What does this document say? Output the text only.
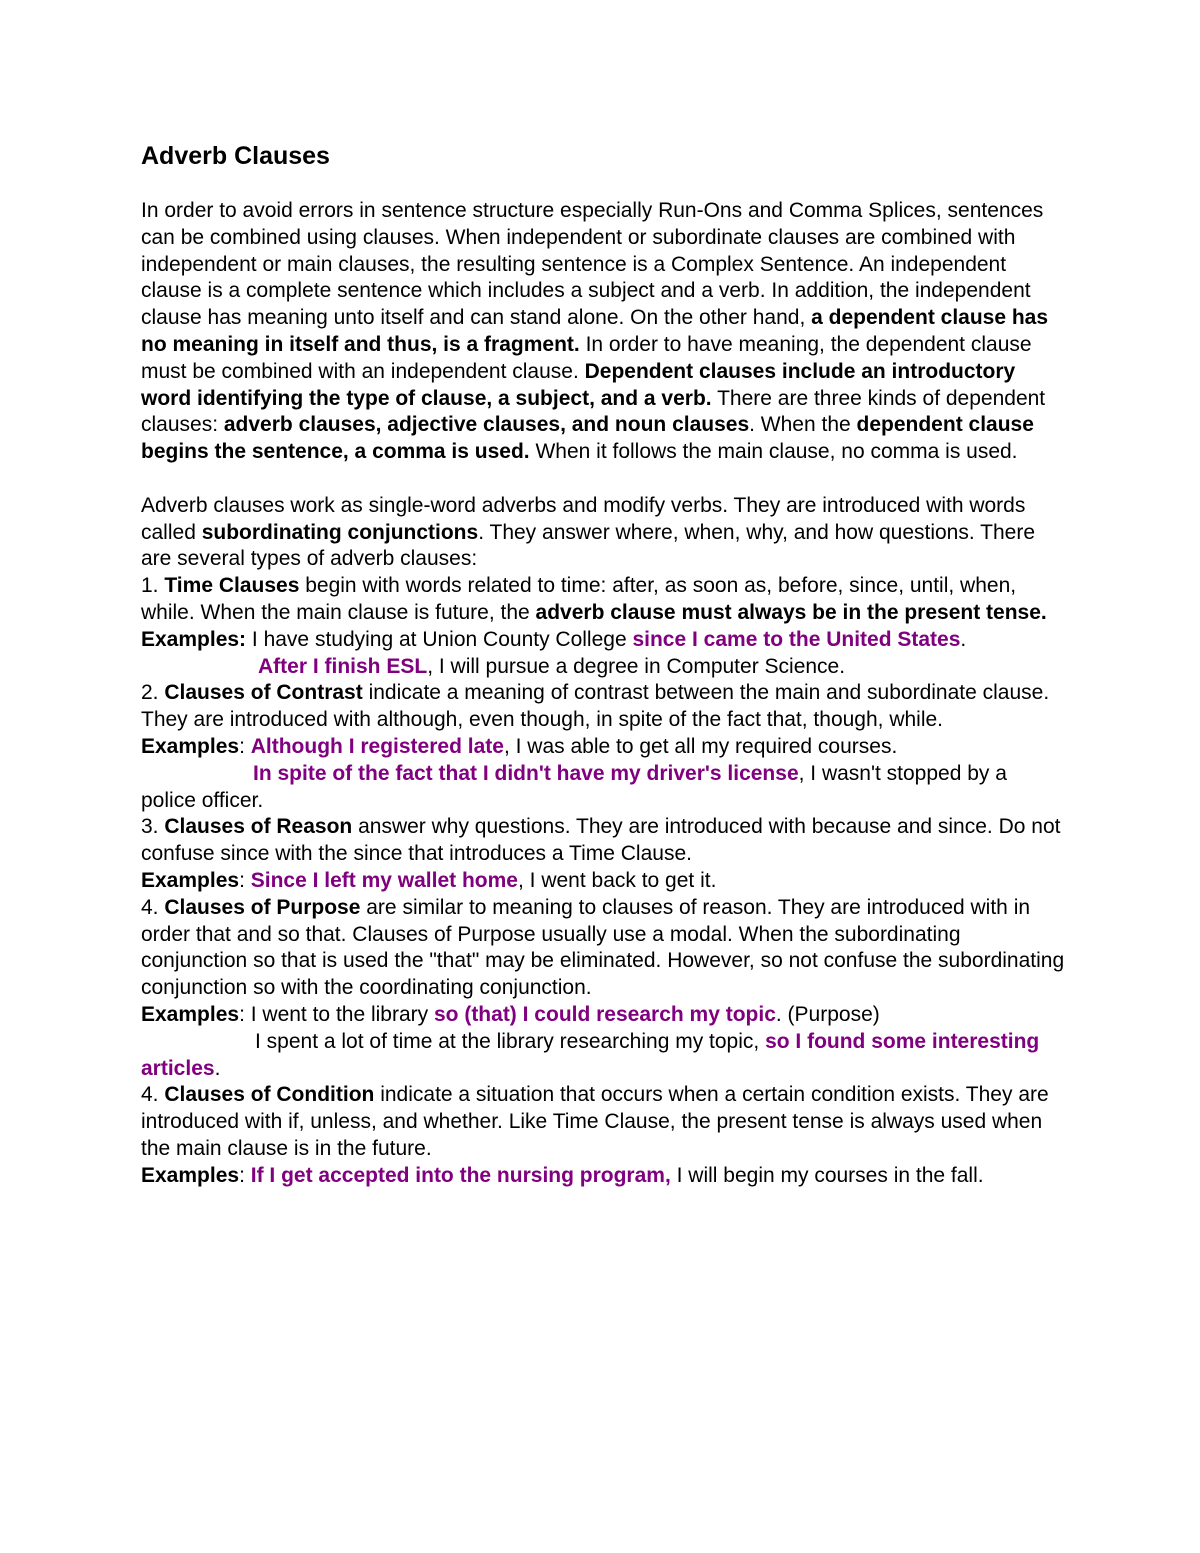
Adverb Clauses

In order to avoid errors in sentence structure especially Run-Ons and Comma Splices, sentences can be combined using clauses. When independent or subordinate clauses are combined with independent or main clauses, the resulting sentence is a Complex Sentence. An independent clause is a complete sentence which includes a subject and a verb. In addition, the independent clause has meaning unto itself and can stand alone. On the other hand, a dependent clause has no meaning in itself and thus, is a fragment. In order to have meaning, the dependent clause must be combined with an independent clause. Dependent clauses include an introductory word identifying the type of clause, a subject, and a verb. There are three kinds of dependent clauses: adverb clauses, adjective clauses, and noun clauses. When the dependent clause begins the sentence, a comma is used. When it follows the main clause, no comma is used.

Adverb clauses work as single-word adverbs and modify verbs. They are introduced with words called subordinating conjunctions. They answer where, when, why, and how questions. There are several types of adverb clauses:

1. Time Clauses begin with words related to time: after, as soon as, before, since, until, when, while. When the main clause is future, the adverb clause must always be in the present tense.

Examples: I have studying at Union County College since I came to the United States.

After I finish ESL, I will pursue a degree in Computer Science.

2. Clauses of Contrast indicate a meaning of contrast between the main and subordinate clause. They are introduced with although, even though, in spite of the fact that, though, while.

Examples: Although I registered late, I was able to get all my required courses.

In spite of the fact that I didn't have my driver's license, I wasn't stopped by a police officer.

3. Clauses of Reason answer why questions. They are introduced with because and since. Do not confuse since with the since that introduces a Time Clause.

Examples: Since I left my wallet home, I went back to get it.

4. Clauses of Purpose are similar to meaning to clauses of reason. They are introduced with in order that and so that. Clauses of Purpose usually use a modal. When the subordinating conjunction so that is used the "that" may be eliminated. However, so not confuse the subordinating conjunction so with the coordinating conjunction.

Examples: I went to the library so (that) I could research my topic. (Purpose)

I spent a lot of time at the library researching my topic, so I found some interesting articles.

4. Clauses of Condition indicate a situation that occurs when a certain condition exists. They are introduced with if, unless, and whether. Like Time Clause, the present tense is always used when the main clause is in the future.

Examples: If I get accepted into the nursing program, I will begin my courses in the fall.
